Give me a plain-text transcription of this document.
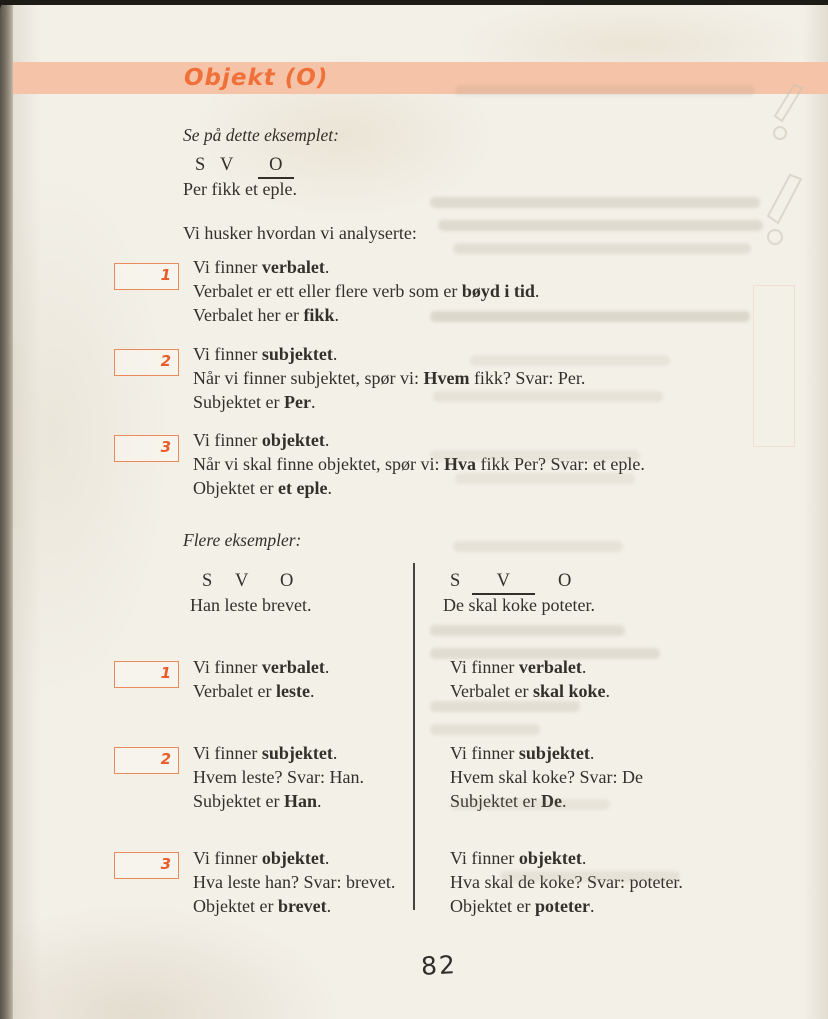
Objekt (O)
Se på dette eksemplet:
S V O
Per fikk et eple.
Vi husker hvordan vi analyserte:
1 Vi finner verbalet.
Verbalet er ett eller flere verb som er bøyd i tid.
Verbalet her er fikk.
2 Vi finner subjektet.
Når vi finner subjektet, spør vi: Hvem fikk? Svar: Per.
Subjektet er Per.
3 Vi finner objektet.
Når vi skal finne objektet, spør vi: Hva fikk Per? Svar: et eple.
Objektet er et eple.
Flere eksempler:
S V O
Han leste brevet.
S V	O
De skal koke poteter.
1 Vi finner verbalet.
Verbalet er leste.
Vi finner verbalet.
Verbalet er skal koke.
2 Vi finner subjektet.
Hvem leste? Svar: Han.
Subjektet er Han.
Vi finner subjektet.
Hvem skal koke? Svar: De
Subjektet er De.
3 Vi finner objektet.
Hva leste han? Svar: brevet.
Objektet er brevet.
Vi finner objektet.
Hva skal de koke? Svar: poteter.
Objektet er poteter.
82
